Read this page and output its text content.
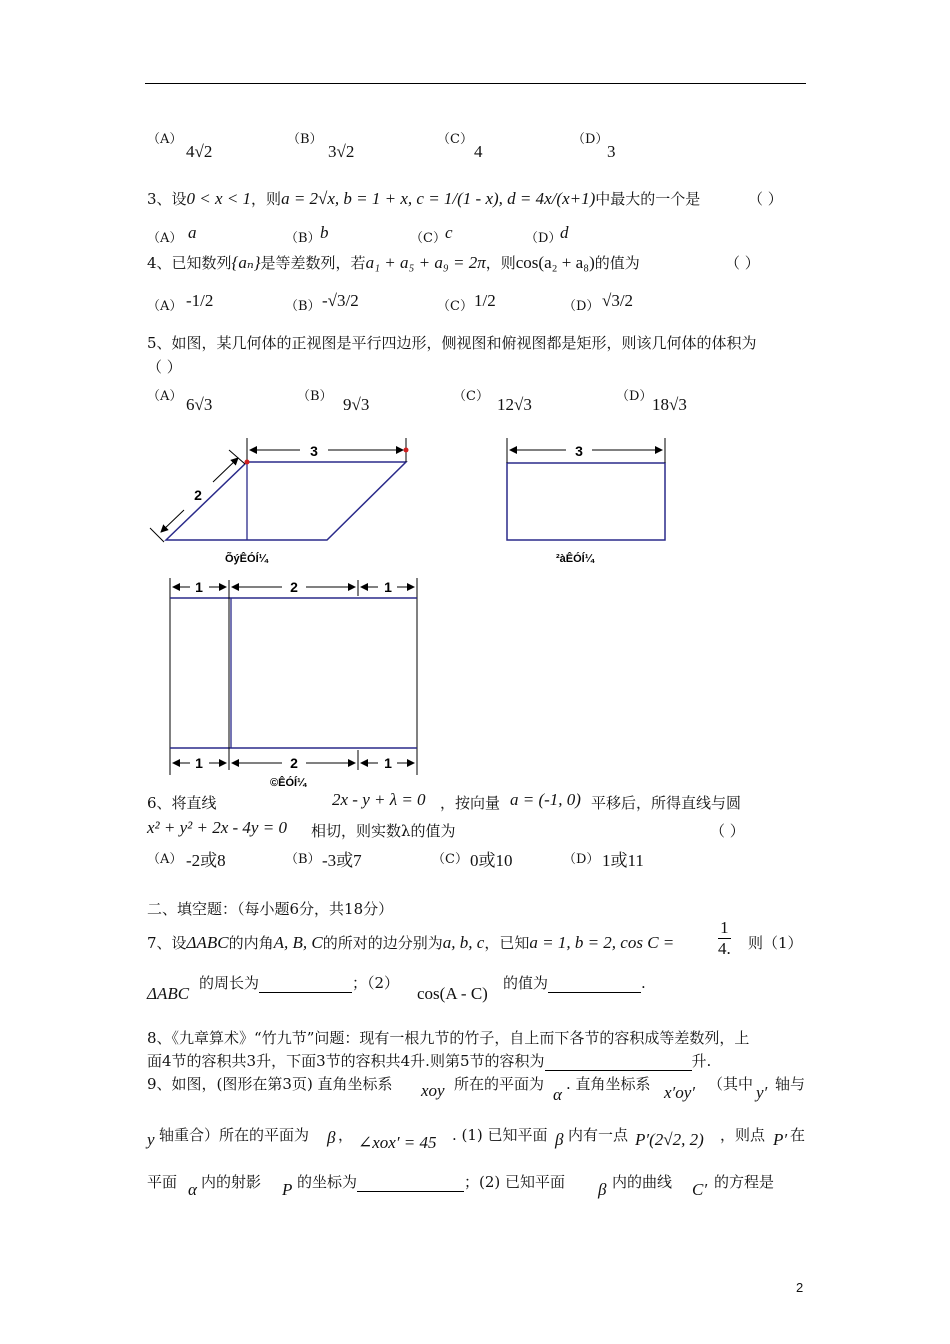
（A）
4√2
（B）
3√2
（C）
4
（D）
3
3、设0 < x < 1，则a = 2√x, b = 1 + x, c = 1/(1 - x), d = 4x/(x+1)中最大的一个是	（ ）
（A） a	（B） b	（C） c	（D）
d
4、已知数列{aₙ}是等差数列，若a₁ + a₅ + a₉ = 2π，则cos(a₂ + a₈)的值为	（ ）
（A） -1/2	（B） -√3/2	（C） 1/2	（D） √3/2
5、如图，某几何体的正视图是平行四边形，侧视图和俯视图都是矩形，则该几何体的体积为
（ ）
（A） 6√3	（B） 9√3	（C） 12√3	（D） 18√3
3
2
ÕýÊÓÍ¼
3
²àÊÓÍ¼
1	2	1
1	2	1
©ÊÓÍ¼
6、将直线	2x - y + λ = 0 ，按向量 a = (-1, 0) 平移后，所得直线与圆
x² + y² + 2x - 4y = 0 相切，则实数λ的值为	（ ）
（A） -2或8	（B） -3或7	（C） 0或10	（D） 1或11
二、填空题：（每小题6分，共18分）
7、设ΔABC的内角A, B, C的所对的边分别为a, b, c，已知a = 1, b = 2, cos C =	$\frac{1}{4.}$ 则（1）
ΔABC
的周长为	；（2）
cos(A - C)
的值为	.
8、《九章算术》“竹九节”问题：现有一根九节的竹子，自上而下各节的容积成等差数列，上
面4节的容积共3升，下面3节的容积共4升.则第5节的容积为	升.
9、如图，(图形在第3页) 直角坐标系 xoy 所在的平面为
α
. 直角坐标系 x′oy′ （其中 y′ 轴与
y 轴重合）所在的平面为 β ， ∠xox′ = 45 . (1) 已知平面 β 内有一点 P′(2√2, 2) ，则点 P′ 在
平面 α 内的射影 P 的坐标为	；(2) 已知平面 β 内的曲线 C′ 的方程是
2
